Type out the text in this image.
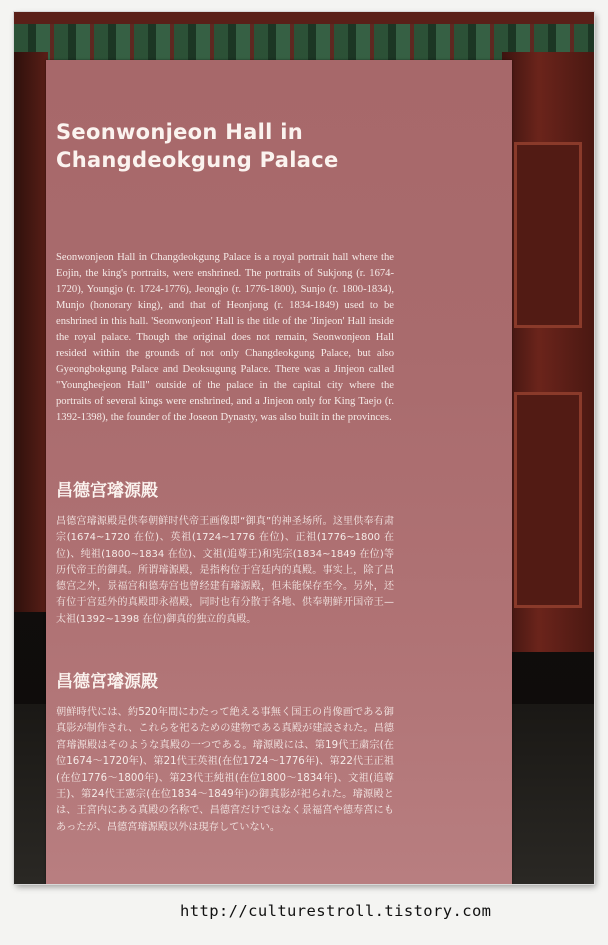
Seonwonjeon Hall in Changdeokgung Palace

Seonwonjeon Hall in Changdeokgung Palace is a royal portrait hall where the Eojin, the king's portraits, were enshrined. The portraits of Sukjong (r. 1674-1720), Youngjo (r. 1724-1776), Jeongjo (r. 1776-1800), Sunjo (r. 1800-1834), Munjo (honorary king), and that of Heonjong (r. 1834-1849) used to be enshrined in this hall. 'Seonwonjeon' Hall is the title of the 'Jinjeon' Hall inside the royal palace. Though the original does not remain, Seonwonjeon Hall resided within the grounds of not only Changdeokgung Palace, but also Gyeongbokgung Palace and Deoksugung Palace. There was a Jinjeon called "Youngheejeon Hall" outside of the palace in the capital city where the portraits of several kings were enshrined, and a Jinjeon only for King Taejo (r. 1392-1398), the founder of the Joseon Dynasty, was also built in the provinces.

昌德宫璿源殿

昌德宫璿源殿是供奉朝鲜时代帝王画像即“御真”的神圣场所。这里供奉有肃宗(1674~1720 在位)、英祖(1724~1776 在位)、正祖(1776~1800 在位)、纯祖(1800~1834 在位)、文祖(追尊王)和宪宗(1834~1849 在位)等历代帝王的御真。所谓璿源殿，是指构位于宫廷内的真殿。事实上，除了昌德宫之外，景福宫和德寿宫也曾经建有璿源殿，但未能保存至今。另外，还有位于宫廷外的真殿即永禧殿，同时也有分散于各地、供奉朝鲜开国帝王—太祖(1392~1398 在位)御真的独立的真殿。

昌德宮璿源殿

朝鮮時代には、約520年間にわたって絶える事無く国王の肖像画である御真影が制作され、これらを祀るための建物である真殿が建設された。昌德宮璿源殿はそのような真殿の一つである。璿源殿には、第19代王粛宗(在位1674～1720年)、第21代王英祖(在位1724～1776年)、第22代王正祖(在位1776～1800年)、第23代王純祖(在位1800～1834年)、文祖(追尊王)、第24代王憲宗(在位1834～1849年)の御真影が祀られた。璿源殿とは、王宮内にある真殿の名称で、昌德宮だけではなく景福宮や德寿宮にもあったが、昌德宮璿源殿以外は現存していない。

http://culturestroll.tistory.com
